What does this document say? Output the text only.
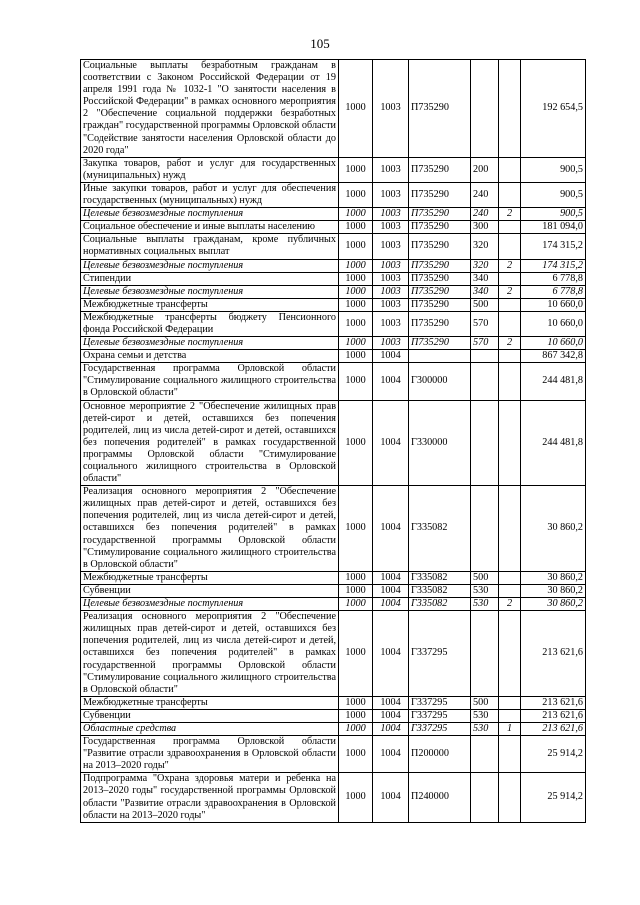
105
Социальные выплаты безработным гражданам в соответствии с Законом Российской Федерации от 19 апреля 1991 года № 1032-1 "О занятости населения в Российской Федерации" в рамках основного мероприятия 2 "Обеспечение социальной поддержки безработных граждан" государственной программы Орловской области "Содействие занятости населения Орловской области до 2020 года"	1000	1003	П735290			192 654,5
Закупка товаров, работ и услуг для государственных (муниципальных) нужд	1000	1003	П735290	200		900,5
Иные закупки товаров, работ и услуг для обеспечения государственных (муниципальных) нужд	1000	1003	П735290	240		900,5
Целевые безвозмездные поступления	1000	1003	П735290	240	2	900,5
Социальное обеспечение и иные выплаты населению	1000	1003	П735290	300		181 094,0
Социальные выплаты гражданам, кроме публичных нормативных социальных выплат	1000	1003	П735290	320		174 315,2
Целевые безвозмездные поступления	1000	1003	П735290	320	2	174 315,2
Стипендии	1000	1003	П735290	340		6 778,8
Целевые безвозмездные поступления	1000	1003	П735290	340	2	6 778,8
Межбюджетные трансферты	1000	1003	П735290	500		10 660,0
Межбюджетные трансферты бюджету Пенсионного фонда Российской Федерации	1000	1003	П735290	570		10 660,0
Целевые безвозмездные поступления	1000	1003	П735290	570	2	10 660,0
Охрана семьи и детства	1000	1004				867 342,8
Государственная программа Орловской области "Стимулирование социального жилищного строительства в Орловской области"	1000	1004	Г300000			244 481,8
Основное мероприятие 2 "Обеспечение жилищных прав детей-сирот и детей, оставшихся без попечения родителей, лиц из числа детей-сирот и детей, оставшихся без попечения родителей" в рамках государственной программы Орловской области "Стимулирование социального жилищного строительства в Орловской области"	1000	1004	Г330000			244 481,8
Реализация основного мероприятия 2 "Обеспечение жилищных прав детей-сирот и детей, оставшихся без попечения родителей, лиц из числа детей-сирот и детей, оставшихся без попечения родителей" в рамках государственной программы Орловской области "Стимулирование социального жилищного строительства в Орловской области"	1000	1004	Г335082			30 860,2
Межбюджетные трансферты	1000	1004	Г335082	500		30 860,2
Субвенции	1000	1004	Г335082	530		30 860,2
Целевые безвозмездные поступления	1000	1004	Г335082	530	2	30 860,2
Реализация основного мероприятия 2 "Обеспечение жилищных прав детей-сирот и детей, оставшихся без попечения родителей, лиц из числа детей-сирот и детей, оставшихся без попечения родителей" в рамках государственной программы Орловской области "Стимулирование социального жилищного строительства в Орловской области"	1000	1004	Г337295			213 621,6
Межбюджетные трансферты	1000	1004	Г337295	500		213 621,6
Субвенции	1000	1004	Г337295	530		213 621,6
Областные средства	1000	1004	Г337295	530	1	213 621,6
Государственная программа Орловской области "Развитие отрасли здравоохранения в Орловской области на 2013–2020 годы"	1000	1004	П200000			25 914,2
Подпрограмма "Охрана здоровья матери и ребенка на 2013–2020 годы" государственной программы Орловской области "Развитие отрасли здравоохранения в Орловской области на 2013–2020 годы"	1000	1004	П240000			25 914,2
